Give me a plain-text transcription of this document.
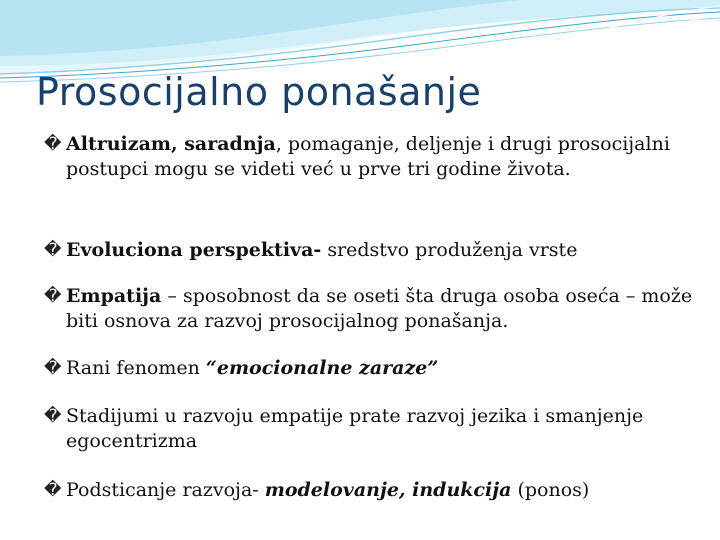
Prosocijalno ponašanje
� Altruizam, saradnja, pomaganje, deljenje i drugi prosocijalni postupci mogu se videti već u prve tri godine života.
� Evoluciona perspektiva- sredstvo produženja vrste
� Empatija – sposobnost da se oseti šta druga osoba oseća – može biti osnova za razvoj prosocijalnog ponašanja.
� Rani fenomen “emocionalne zaraze”
� Stadijumi u razvoju empatije prate razvoj jezika i smanjenje egocentrizma
� Podsticanje razvoja- modelovanje, indukcija (ponos)
